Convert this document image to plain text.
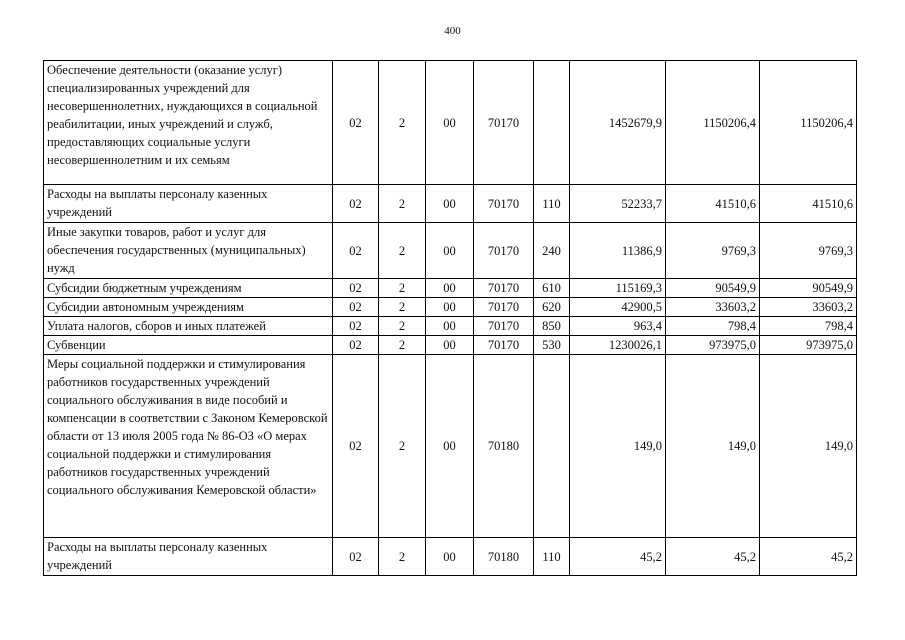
400
Обеспечение деятельности (оказание услуг) специализированных учреждений для несовершеннолетних, нуждающихся в социальной реабилитации, иных учреждений и служб, предоставляющих социальные услуги несовершеннолетним и их семьям	02	2	00	70170		1452679,9	1150206,4	1150206,4
Расходы на выплаты персоналу казенных учреждений	02	2	00	70170	110	52233,7	41510,6	41510,6
Иные закупки товаров, работ и услуг для обеспечения государственных (муниципальных) нужд	02	2	00	70170	240	11386,9	9769,3	9769,3
Субсидии бюджетным учреждениям	02	2	00	70170	610	115169,3	90549,9	90549,9
Субсидии автономным учреждениям	02	2	00	70170	620	42900,5	33603,2	33603,2
Уплата налогов, сборов и иных платежей	02	2	00	70170	850	963,4	798,4	798,4
Субвенции	02	2	00	70170	530	1230026,1	973975,0	973975,0
Меры социальной поддержки и стимулирования работников государственных учреждений социального обслуживания в виде пособий и компенсации в соответствии с Законом Кемеровской области от 13 июля 2005 года № 86-ОЗ «О мерах социальной поддержки и стимулирования работников государственных учреждений социального обслуживания Кемеровской области»	02	2	00	70180		149,0	149,0	149,0
Расходы на выплаты персоналу казенных учреждений	02	2	00	70180	110	45,2	45,2	45,2
